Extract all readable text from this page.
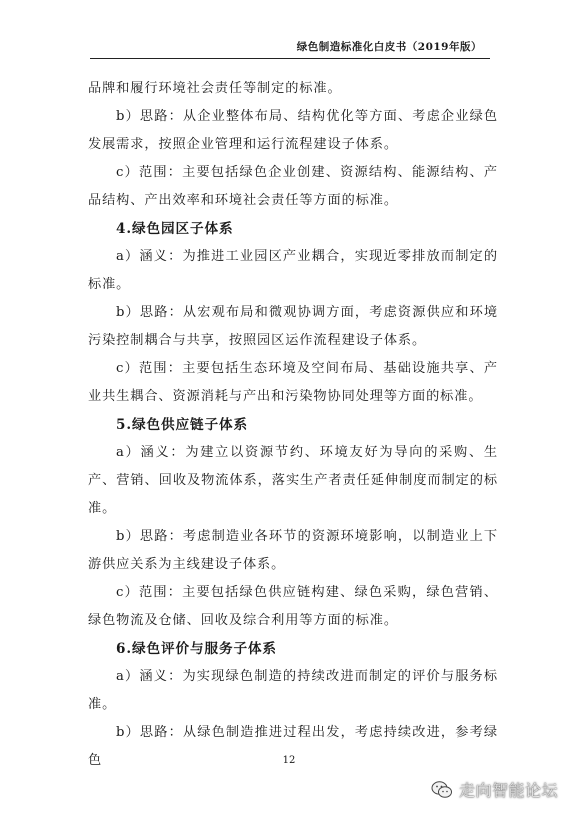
绿色制造标准化白皮书（2019年版）

品牌和履行环境社会责任等制定的标准。

b）思路：从企业整体布局、结构优化等方面、考虑企业绿色发展需求，按照企业管理和运行流程建设子体系。

c）范围：主要包括绿色企业创建、资源结构、能源结构、产品结构、产出效率和环境社会责任等方面的标准。

4.绿色园区子体系

a）涵义：为推进工业园区产业耦合，实现近零排放而制定的标准。

b）思路：从宏观布局和微观协调方面，考虑资源供应和环境污染控制耦合与共享，按照园区运作流程建设子体系。

c）范围：主要包括生态环境及空间布局、基础设施共享、产业共生耦合、资源消耗与产出和污染物协同处理等方面的标准。

5.绿色供应链子体系

a）涵义：为建立以资源节约、环境友好为导向的采购、生产、营销、回收及物流体系，落实生产者责任延伸制度而制定的标准。

b）思路：考虑制造业各环节的资源环境影响，以制造业上下游供应关系为主线建设子体系。

c）范围：主要包括绿色供应链构建、绿色采购，绿色营销、绿色物流及仓储、回收及综合利用等方面的标准。

6.绿色评价与服务子体系

a）涵义：为实现绿色制造的持续改进而制定的评价与服务标准。

b）思路：从绿色制造推进过程出发，考虑持续改进，参考绿色	12
走向智能论坛
